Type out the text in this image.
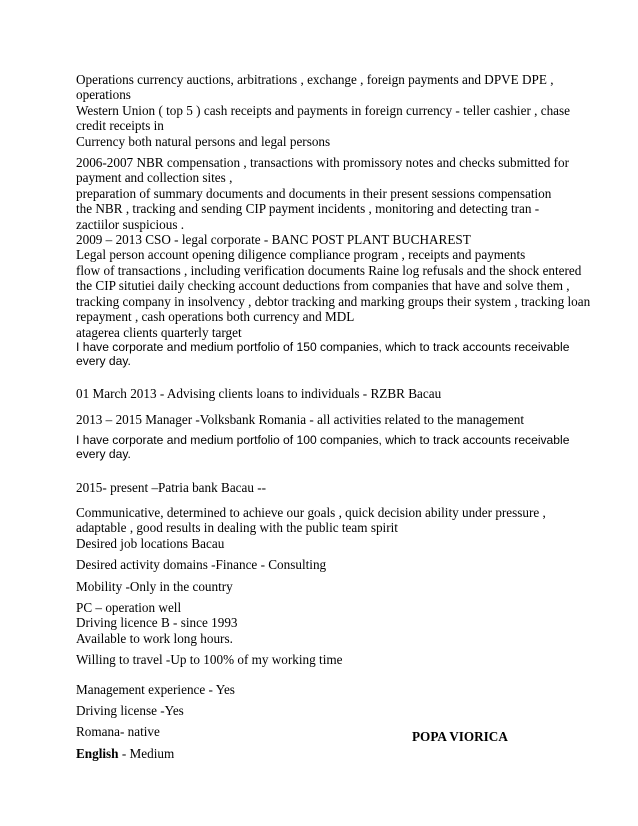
Operations currency auctions, arbitrations , exchange , foreign payments and DPVE DPE ,
operations
Western Union ( top 5 ) cash receipts and payments in foreign currency - teller cashier , chase
credit receipts in
Currency both natural persons and legal persons

2006-2007 NBR compensation , transactions with promissory notes and checks submitted for
payment and collection sites ,
preparation of summary documents and documents in their present sessions compensation
the NBR , tracking and sending CIP payment incidents , monitoring and detecting tran -
zactiilor suspicious .
2009 – 2013 CSO - legal corporate - BANC POST PLANT BUCHAREST
Legal person account opening diligence compliance program , receipts and payments
flow of transactions , including verification documents Raine log refusals and the shock entered
the CIP situtiei daily checking account deductions from companies that have and solve them ,
tracking company in insolvency , debtor tracking and marking groups their system , tracking loan
repayment , cash operations both currency and MDL
atagerea clients quarterly target

I have corporate and medium portfolio of 150 companies, which to track accounts receivable
every day.

01 March 2013 - Advising clients loans to individuals - RZBR Bacau

2013 – 2015 Manager -Volksbank Romania - all activities related to the management

I have corporate and medium portfolio of 100 companies, which to track accounts receivable
every day.

2015- present –Patria bank Bacau --

Communicative, determined to achieve our goals , quick decision ability under pressure ,
adaptable , good results in dealing with the public team spirit
Desired job locations Bacau

Desired activity domains -Finance - Consulting

Mobility -Only in the country

PC – operation well
Driving licence B - since 1993
Available to work long hours.

Willing to travel -Up to 100% of my working time

Management experience - Yes

Driving license -Yes

Romana- native

English - Medium

POPA VIORICA
